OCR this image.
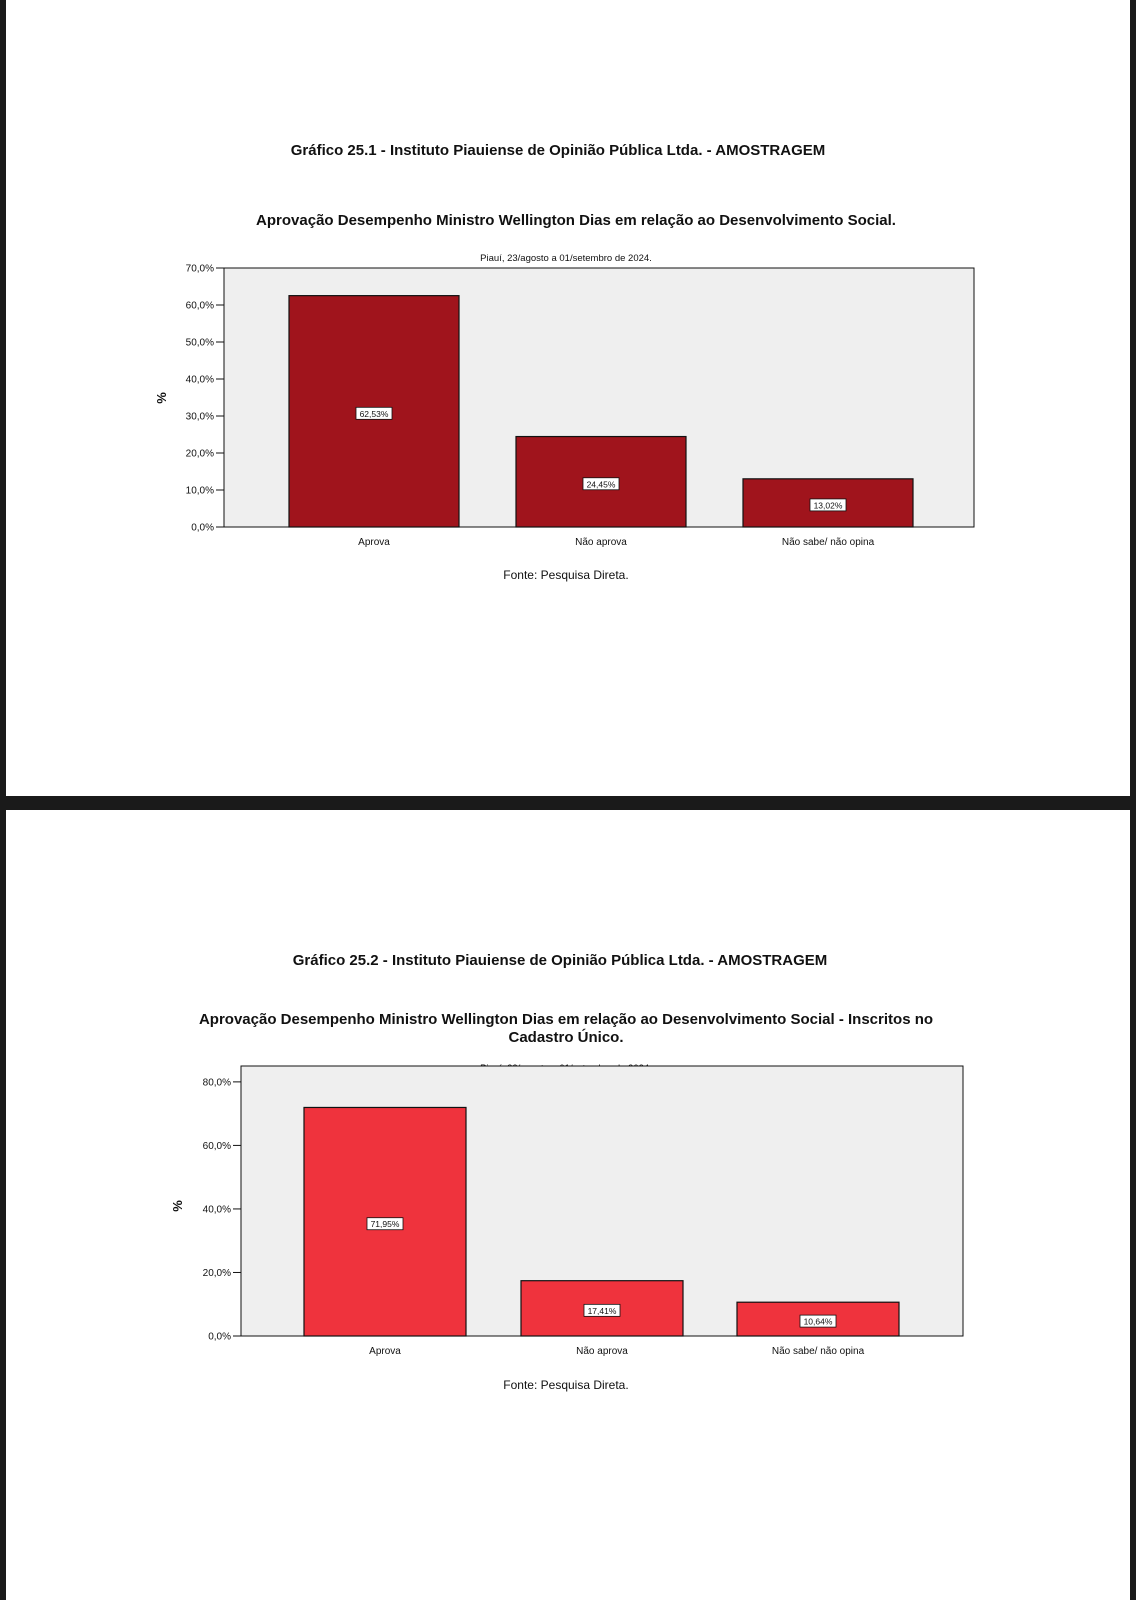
Gráfico 25.1 - Instituto Piauiense de Opinião Pública Ltda. - AMOSTRAGEM
Aprovação Desempenho Ministro Wellington Dias em relação ao Desenvolvimento Social.
Piauí, 23/agosto a 01/setembro de 2024.
0,0%
10,0%
20,0%
30,0%
40,0%
50,0%
60,0%
70,0%
%
62,53%
Aprova
24,45%
Não aprova
13,02%
Não sabe/ não opina
Fonte: Pesquisa Direta.
Gráfico 25.2 - Instituto Piauiense de Opinião Pública Ltda. - AMOSTRAGEM
Aprovação Desempenho Ministro Wellington Dias em relação ao Desenvolvimento Social - Inscritos no Cadastro Único.
0,0%
20,0%
40,0%
60,0%
80,0%
%
71,95%
Aprova
17,41%
Não aprova
10,64%
Não sabe/ não opina
Fonte: Pesquisa Direta.
